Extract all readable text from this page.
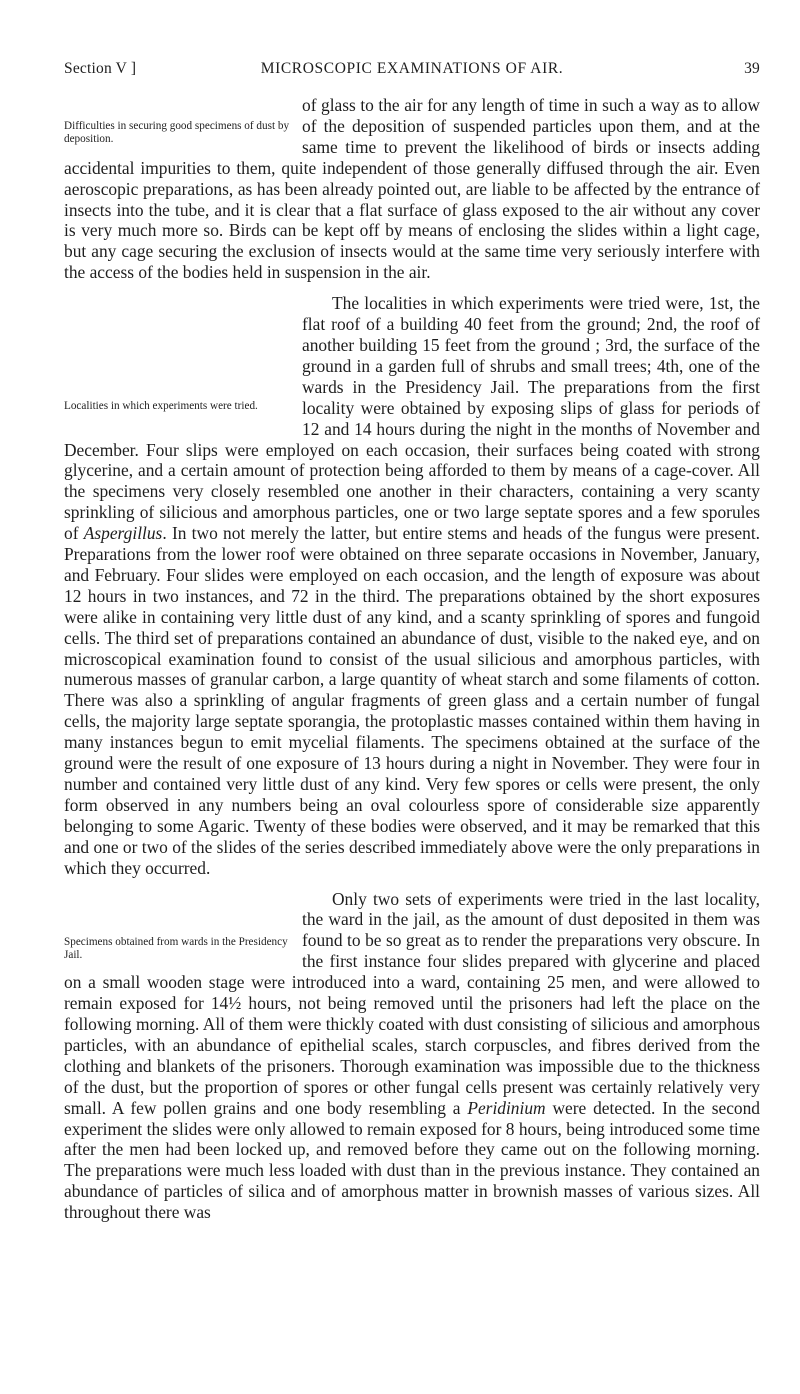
Section V ]	MICROSCOPIC EXAMINATIONS OF AIR.	39

Difficulties in securing good specimens of dust by deposition.
of glass to the air for any length of time in such a way as to allow of the deposition of suspended particles upon them, and at the same time to prevent the likelihood of birds or insects adding accidental impurities to them, quite independent of those generally diffused through the air. Even aeroscopic preparations, as has been already pointed out, are liable to be affected by the entrance of insects into the tube, and it is clear that a flat surface of glass exposed to the air without any cover is very much more so. Birds can be kept off by means of enclosing the slides within a light cage, but any cage securing the exclusion of insects would at the same time very seriously interfere with the access of the bodies held in suspension in the air.

Localities in which experiments were tried.
The localities in which experiments were tried were, 1st, the flat roof of a building 40 feet from the ground; 2nd, the roof of another building 15 feet from the ground ; 3rd, the surface of the ground in a garden full of shrubs and small trees; 4th, one of the wards in the Presidency Jail. The preparations from the first locality were obtained by exposing slips of glass for periods of 12 and 14 hours during the night in the months of November and December. Four slips were employed on each occasion, their surfaces being coated with strong glycerine, and a certain amount of protection being afforded to them by means of a cage-cover. All the specimens very closely resembled one another in their characters, containing a very scanty sprinkling of silicious and amorphous particles, one or two large septate spores and a few sporules of Aspergillus. In two not merely the latter, but entire stems and heads of the fungus were present. Preparations from the lower roof were obtained on three separate occasions in November, January, and February. Four slides were employed on each occasion, and the length of exposure was about 12 hours in two instances, and 72 in the third. The preparations obtained by the short exposures were alike in containing very little dust of any kind, and a scanty sprinkling of spores and fungoid cells. The third set of preparations contained an abundance of dust, visible to the naked eye, and on microscopical examination found to consist of the usual silicious and amorphous particles, with numerous masses of granular carbon, a large quantity of wheat starch and some filaments of cotton. There was also a sprinkling of angular fragments of green glass and a certain number of fungal cells, the majority large septate sporangia, the protoplastic masses contained within them having in many instances begun to emit mycelial filaments. The specimens obtained at the surface of the ground were the result of one exposure of 13 hours during a night in November. They were four in number and contained very little dust of any kind. Very few spores or cells were present, the only form observed in any numbers being an oval colourless spore of considerable size apparently belonging to some Agaric. Twenty of these bodies were observed, and it may be remarked that this and one or two of the slides of the series described immediately above were the only preparations in which they occurred.

Specimens obtained from wards in the Presidency Jail.
Only two sets of experiments were tried in the last locality, the ward in the jail, as the amount of dust deposited in them was found to be so great as to render the preparations very obscure. In the first instance four slides prepared with glycerine and placed on a small wooden stage were introduced into a ward, containing 25 men, and were allowed to remain exposed for 14½ hours, not being removed until the prisoners had left the place on the following morning. All of them were thickly coated with dust consisting of silicious and amorphous particles, with an abundance of epithelial scales, starch corpuscles, and fibres derived from the clothing and blankets of the prisoners. Thorough examination was impossible due to the thickness of the dust, but the proportion of spores or other fungal cells present was certainly relatively very small. A few pollen grains and one body resembling a Peridinium were detected. In the second experiment the slides were only allowed to remain exposed for 8 hours, being introduced some time after the men had been locked up, and removed before they came out on the following morning. The preparations were much less loaded with dust than in the previous instance. They contained an abundance of particles of silica and of amorphous matter in brownish masses of various sizes. All throughout there was
